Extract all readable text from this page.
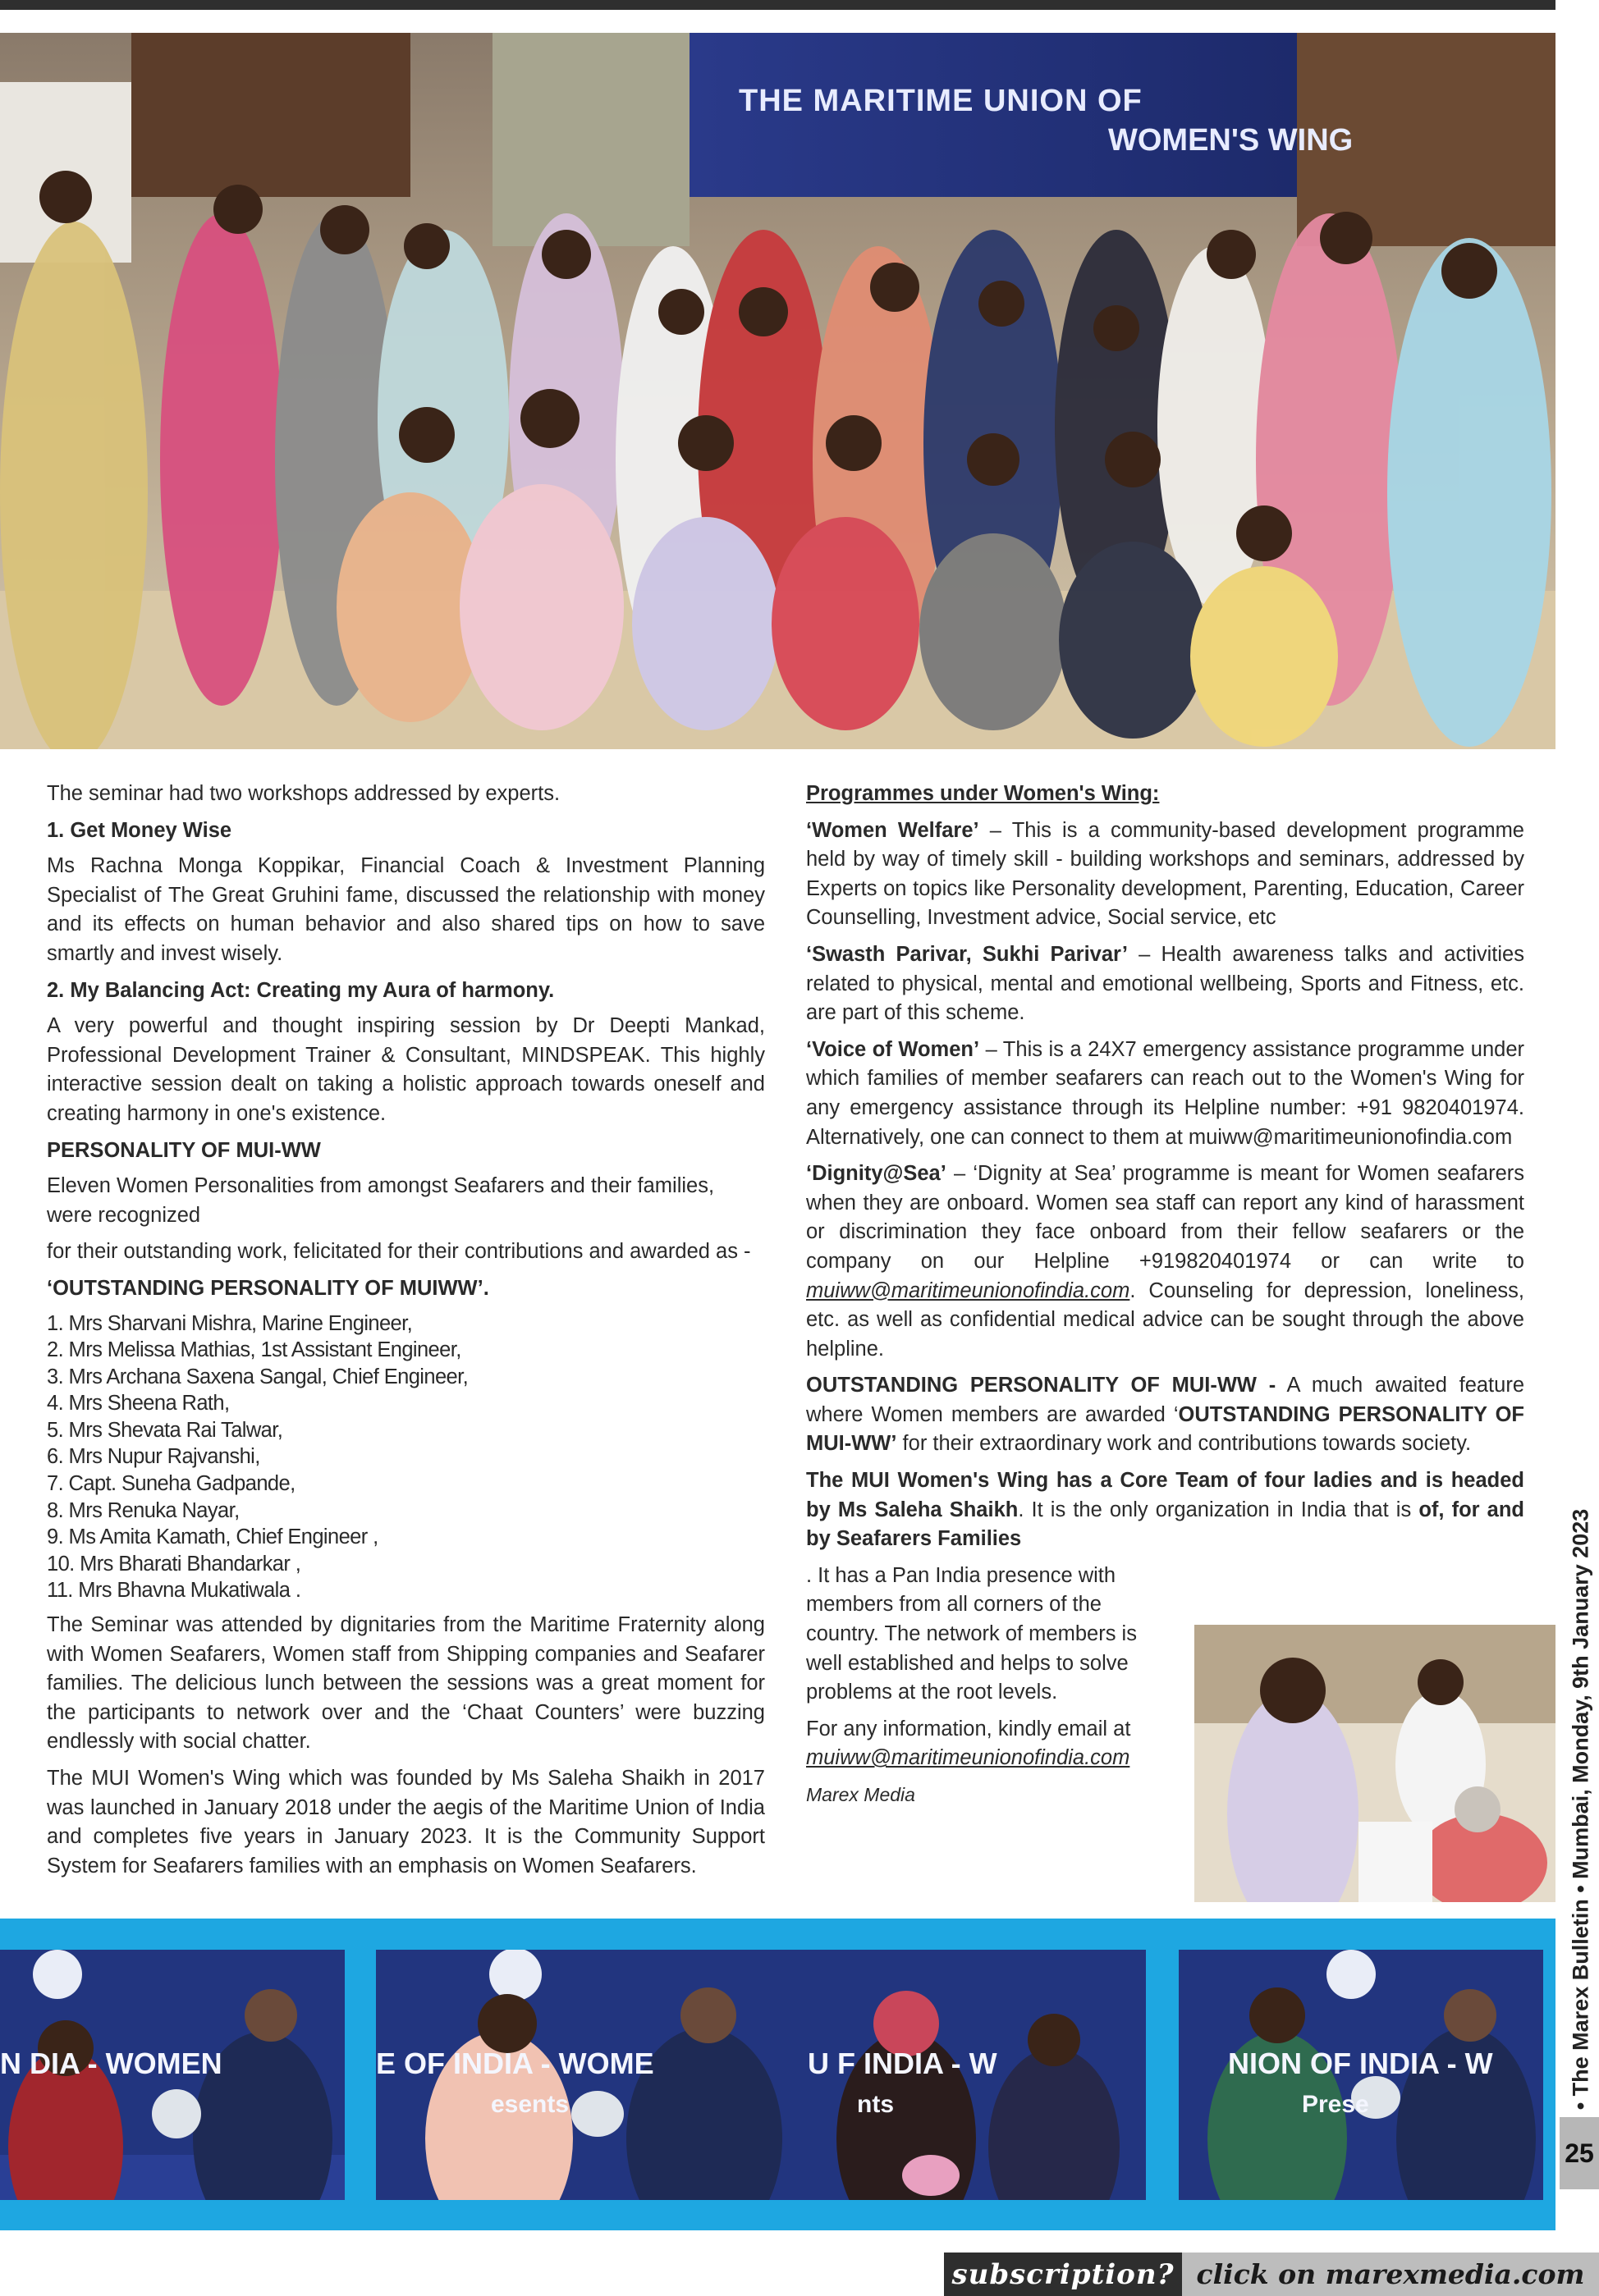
THE MARITIME UNION OF
WOMEN'S WING

The seminar had two workshops addressed by experts.

1. Get Money Wise

Ms Rachna Monga Koppikar, Financial Coach & Investment Planning Specialist of The Great Gruhini fame, discussed the relationship with money and its effects on human behavior and also shared tips on how to save smartly and invest wisely.

2. My Balancing Act: Creating my Aura of harmony.

A very powerful and thought inspiring session by Dr Deepti Mankad, Professional Development Trainer & Consultant, MINDSPEAK. This highly interactive session dealt on taking a holistic approach towards oneself and creating harmony in one's existence.

PERSONALITY OF MUI-WW

Eleven Women Personalities from amongst Seafarers and their families, were recognized

for their outstanding work, felicitated for their contributions and awarded as -

‘OUTSTANDING PERSONALITY OF MUIWW’.

1. Mrs Sharvani Mishra, Marine Engineer,
2. Mrs Melissa Mathias, 1st Assistant Engineer,
3. Mrs Archana Saxena Sangal, Chief Engineer,
4. Mrs Sheena Rath,
5. Mrs Shevata Rai Talwar,
6. Mrs Nupur Rajvanshi,
7. Capt. Suneha Gadpande,
8. Mrs Renuka Nayar,
9. Ms Amita Kamath, Chief Engineer ,
10. Mrs Bharati Bhandarkar ,
11. Mrs Bhavna Mukatiwala .

The Seminar was attended by dignitaries from the Maritime Fraternity along with Women Seafarers, Women staff from Shipping companies and Seafarer families. The delicious lunch between the sessions was a great moment for the participants to network over and the ‘Chaat Counters’ were buzzing endlessly with social chatter.

The MUI Women's Wing which was founded by Ms Saleha Shaikh in 2017 was launched in January 2018 under the aegis of the Maritime Union of India and completes five years in January 2023. It is the Community Support System for Seafarers families with an emphasis on Women Seafarers.

Programmes under Women's Wing:

‘Women Welfare’ – This is a community-based development programme held by way of timely skill - building workshops and seminars, addressed by Experts on topics like Personality development, Parenting, Education, Career Counselling, Investment advice, Social service, etc

‘Swasth Parivar, Sukhi Parivar’ – Health awareness talks and activities related to physical, mental and emotional wellbeing, Sports and Fitness, etc. are part of this scheme.

‘Voice of Women’ – This is a 24X7 emergency assistance programme under which families of member seafarers can reach out to the Women's Wing for any emergency assistance through its Helpline number: +91 9820401974. Alternatively, one can connect to them at muiww@maritimeunionofindia.com

‘Dignity@Sea’ – ‘Dignity at Sea’ programme is meant for Women seafarers when they are onboard. Women sea staff can report any kind of harassment or discrimination they face onboard from their fellow seafarers or the company on our Helpline +919820401974 or can write to muiww@maritimeunionofindia.com. Counseling for depression, loneliness, etc. as well as confidential medical advice can be sought through the above helpline.

OUTSTANDING PERSONALITY OF MUI-WW - A much awaited feature where Women members are awarded ‘OUTSTANDING PERSONALITY OF MUI-WW’ for their extraordinary work and contributions towards society.

The MUI Women's Wing has a Core Team of four ladies and is headed by Ms Saleha Shaikh. It is the only organization in India that is of, for and by Seafarers Families

. It has a Pan India presence with members from all corners of the country. The network of members is well established and helps to solve problems at the root levels.

For any information, kindly email at
muiww@maritimeunionofindia.com

Marex Media

N DIA - WOMEN	E OF INDIA - WOME
esents
U F INDIA - W
nts
NION OF INDIA - W
Prese	• The Marex Bulletin • Mumbai, Monday, 9th January 2023
25
subscription? click on marexmedia.com
